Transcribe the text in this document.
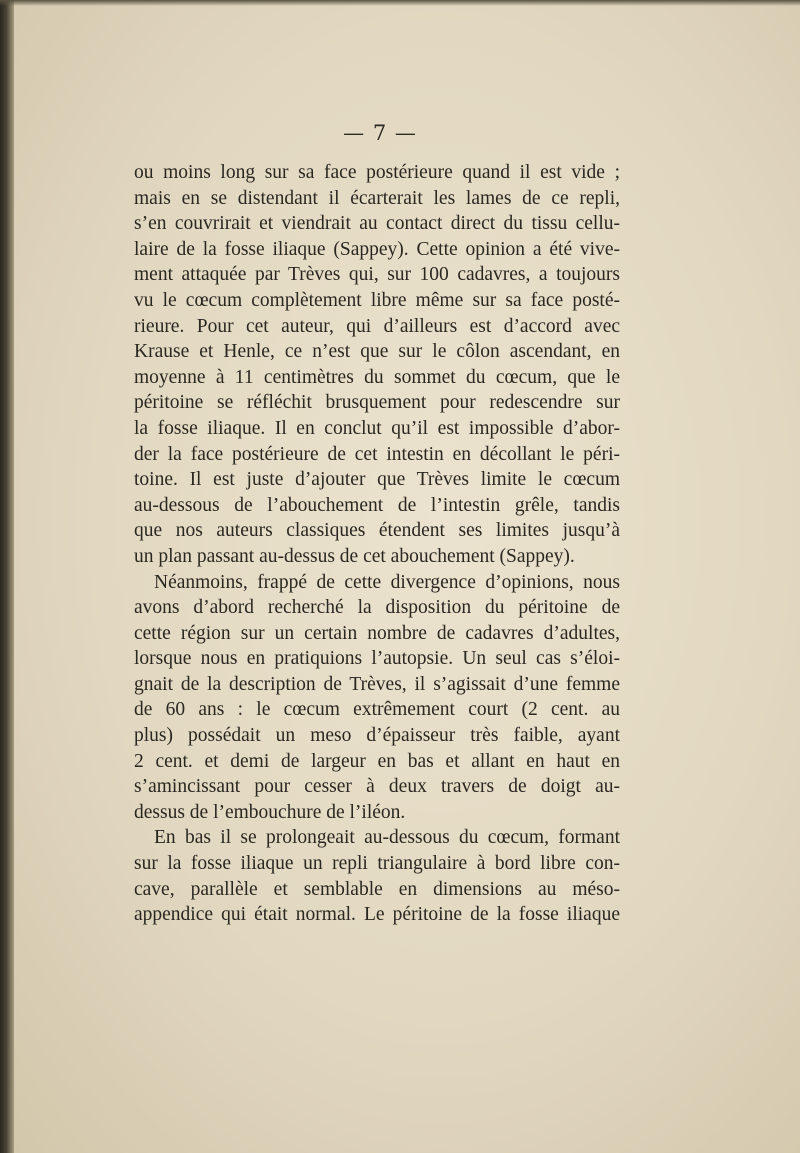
— 7 —
ou moins long sur sa face postérieure quand il est vide ;
mais en se distendant il écarterait les lames de ce repli,
s’en couvrirait et viendrait au contact direct du tissu cellu-
laire de la fosse iliaque (Sappey). Cette opinion a été vive-
ment attaquée par Trèves qui, sur 100 cadavres, a toujours
vu le cœcum complètement libre même sur sa face posté-
rieure. Pour cet auteur, qui d’ailleurs est d’accord avec
Krause et Henle, ce n’est que sur le côlon ascendant, en
moyenne à 11 centimètres du sommet du cœcum, que le
péritoine se réfléchit brusquement pour redescendre sur
la fosse iliaque. Il en conclut qu’il est impossible d’abor-
der la face postérieure de cet intestin en décollant le péri-
toine. Il est juste d’ajouter que Trèves limite le cœcum
au-dessous de l’abouchement de l’intestin grêle, tandis
que nos auteurs classiques étendent ses limites jusqu’à
un plan passant au-dessus de cet abouchement (Sappey).
Néanmoins, frappé de cette divergence d’opinions, nous
avons d’abord recherché la disposition du péritoine de
cette région sur un certain nombre de cadavres d’adultes,
lorsque nous en pratiquions l’autopsie. Un seul cas s’éloi-
gnait de la description de Trèves, il s’agissait d’une femme
de 60 ans : le cœcum extrêmement court (2 cent. au
plus) possédait un meso d’épaisseur très faible, ayant
2 cent. et demi de largeur en bas et allant en haut en
s’amincissant pour cesser à deux travers de doigt au-
dessus de l’embouchure de l’iléon.
En bas il se prolongeait au-dessous du cœcum, formant
sur la fosse iliaque un repli triangulaire à bord libre con-
cave, parallèle et semblable en dimensions au méso-
appendice qui était normal. Le péritoine de la fosse iliaque
